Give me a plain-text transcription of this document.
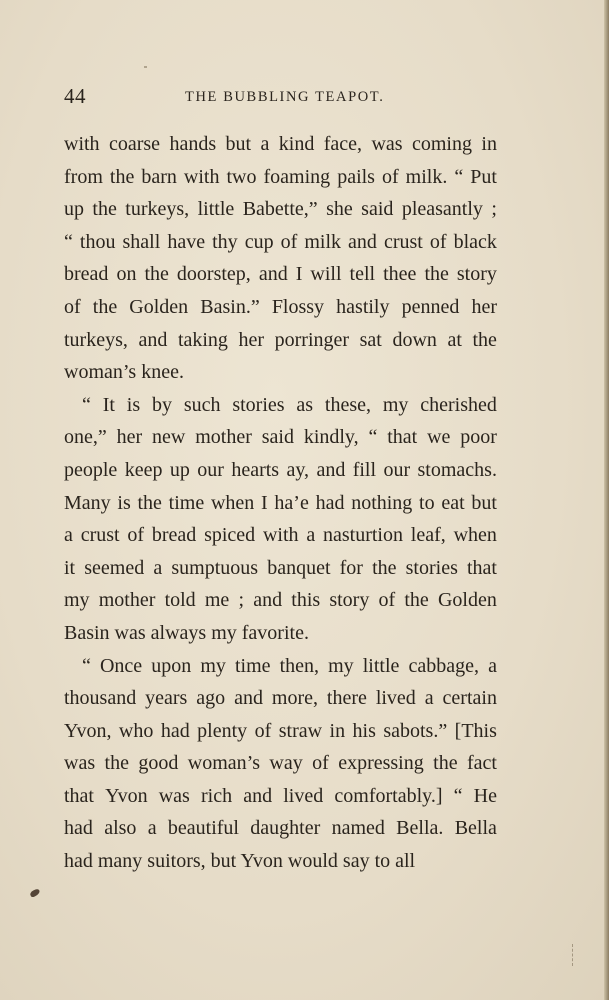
44	THE BUBBLING TEAPOT.
with coarse hands but a kind face, was coming in
from the barn with two foaming pails of milk. “ Put
up the turkeys, little Babette,” she said pleasantly ;
“ thou shall have thy cup of milk and crust of black
bread on the doorstep, and I will tell thee the story
of the Golden Basin.” Flossy hastily penned her
turkeys, and taking her porringer sat down at the
woman’s knee.
“ It is by such stories as these, my cherished
one,” her new mother said kindly, “ that we poor
people keep up our hearts ay, and fill our stomachs.
Many is the time when I ha’e had nothing to eat but
a crust of bread spiced with a nasturtion leaf, when
it seemed a sumptuous banquet for the stories that
my mother told me ; and this story of the Golden
Basin was always my favorite.
“ Once upon my time then, my little cabbage, a
thousand years ago and more, there lived a certain
Yvon, who had plenty of straw in his sabots.” [This
was the good woman’s way of expressing the fact
that Yvon was rich and lived comfortably.] “ He
had also a beautiful daughter named Bella. Bella
had many suitors, but Yvon would say to all
